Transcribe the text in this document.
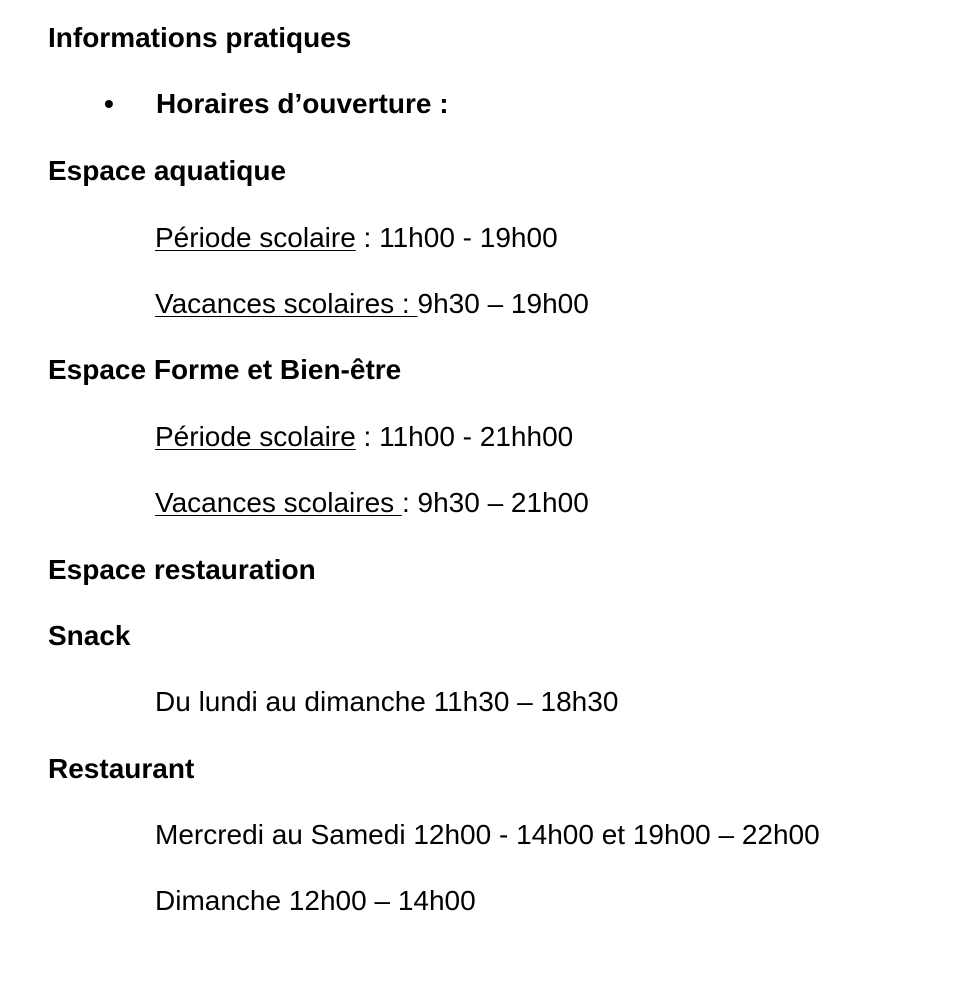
Informations pratiques
• Horaires d’ouverture :
Espace aquatique
Période scolaire : 11h00 - 19h00
Vacances scolaires : 9h30 – 19h00
Espace Forme et Bien-être
Période scolaire : 11h00 - 21hh00
Vacances scolaires : 9h30 – 21h00
Espace restauration
Snack
Du lundi au dimanche 11h30 – 18h30
Restaurant
Mercredi au Samedi 12h00 - 14h00 et 19h00 – 22h00
Dimanche 12h00 – 14h00
